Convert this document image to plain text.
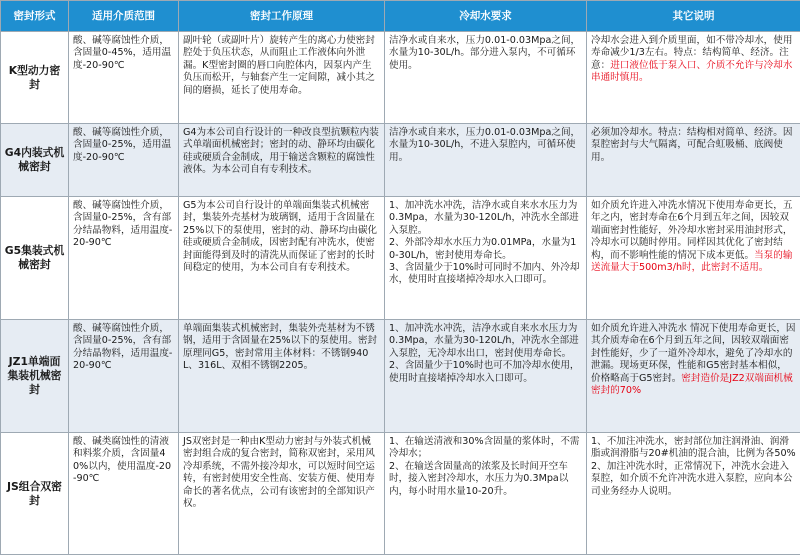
密封形式	适用介质范围	密封工作原理	冷却水要求	其它说明
K型动力密封	酸、碱等腐蚀性介质，含固量0-45%，适用温度-20-90℃	副叶轮（或副叶片）旋转产生的离心力使密封腔处于负压状态，从而阻止工作液体向外泄漏。K型密封圈的唇口向腔体内，因泵内产生负压而松开，与轴套产生一定间隙，减小其之间的磨损，延长了使用寿命。	洁净水或自来水，压力0.01-0.03Mpa之间，水量为10-30L/h。部分进入泵内，不可循环使用。	冷却水会进入到介质里面，如不带冷却水，使用寿命减少1/3左右。特点：结构简单、经济。注意：进口液位低于泵入口、介质不允许与冷却水串通时慎用。
G4内装式机械密封	酸、碱等腐蚀性介质，含固量0-25%，适用温度-20-90℃	G4为本公司自行设计的一种改良型抗颗粒内装式单端面机械密封；密封的动、静环均由碳化硅或硬质合金制成，用于输送含颗粒的腐蚀性液体。为本公司自有专利技术。	洁净水或自来水，压力0.01-0.03Mpa之间，水量为10-30L/h，不进入泵腔内，可循环使用。	必须加冷却水。特点：结构相对简单、经济。因泵腔密封与大气隔离，可配合虹吸桶、底阀使用。
G5集装式机械密封	酸、碱等腐蚀性介质，含固量0-25%，含有部分结晶物料，适用温度-20-90℃	G5为本公司自行设计的单端面集装式机械密封，集装外壳基材为玻璃钢，适用于含固量在25%以下的泵使用，密封的动、静环均由碳化硅或硬质合金制成，因密封配有冲洗水，使密封面能得到及时的清洗从而保证了密封的长时间稳定的使用，为本公司自有专利技术。	1、加冲洗水冲洗，洁净水或自来水水压力为0.3Mpa，水量为30-120L/h，冲洗水全部进入泵腔。
2、外部冷却水水压力为0.01MPa，水量为10-30L/h，密封使用寿命长。
3、含固量少于10%时可同时不加内、外冷却水，使用时直接堵掉冷却水入口即可。	如介质允许进入冲洗水情况下使用寿命更长，五年之内，密封寿命在6个月到五年之间，因较双端面密封性能好，外冷却水密封采用油封形式，冷却水可以随时停用。同样因其优化了密封结构，而不影响性能的情况下成本更低。当泵的输送流量大于500m3/h时，此密封不适用。
JZ1单端面集装机械密封	酸、碱等腐蚀性介质，含固量0-25%，含有部分结晶物料，适用温度-20-90℃	单端面集装式机械密封，集装外壳基材为不锈钢，适用于含固量在25%以下的泵使用。密封原理同G5，密封常用主体材料：不锈钢940L、316L、双相不锈钢2205。	1、加冲洗水冲洗，洁净水或自来水水压力为0.3Mpa，水量为30-120L/h，冲洗水全部进入泵腔，无冷却水出口，密封使用寿命长。
2、含固量少于10%时也可不加冷却水使用，使用时直接堵掉冷却水入口即可。	如介质允许进入冲洗水 情况下使用寿命更长，因其介质寿命在6个月到五年之间，因较双端面密封性能好，少了一道外冷却水，避免了冷却水的泄漏。现场更环保，性能和G5密封基本相似，价格略高于G5密封。密封造价是JZ2双端面机械密封的70%
JS组合双密封	酸、碱类腐蚀性的清液和料浆介质，含固量40%以内，使用温度-20-90℃	JS双密封是一种由K型动力密封与外装式机械密封组合成的复合密封，简称双密封，采用风冷却系统，不需外接冷却水，可以短时间空运转，有密封使用安全性高、安装方便、使用寿命长的著名优点，公司有该密封的全部知识产权。	1、在输送清液和30%含固量的浆体时，不需冷却水；
2、在输送含固量高的浓浆及长时间开空车时，接入密封冷却水，水压力为0.3Mpa以内，每小时用水量10-20升。	1、不加注冲洗水，密封部位加注润滑油、润滑脂或润滑脂与20#机油的混合油，比例为各50%
2、加注冲洗水时，正常情况下，冲洗水会进入泵腔，如介质不允许冲洗水进入泵腔，应向本公司业务经办人说明。
